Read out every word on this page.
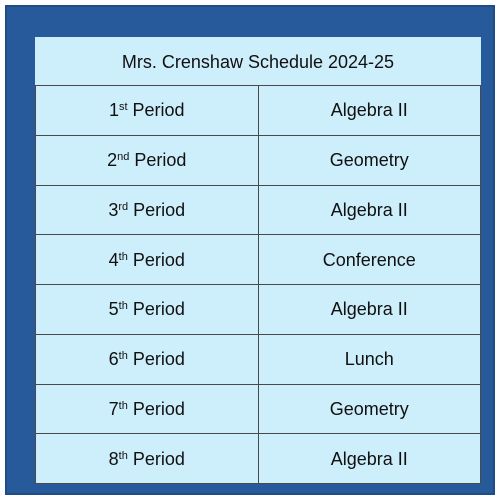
Mrs. Crenshaw Schedule 2024-25	
1st Period	Algebra II
2nd Period	Geometry
3rd Period	Algebra II
4th Period	Conference
5th Period	Algebra II
6th Period	Lunch
7th Period	Geometry
8th Period	Algebra II
